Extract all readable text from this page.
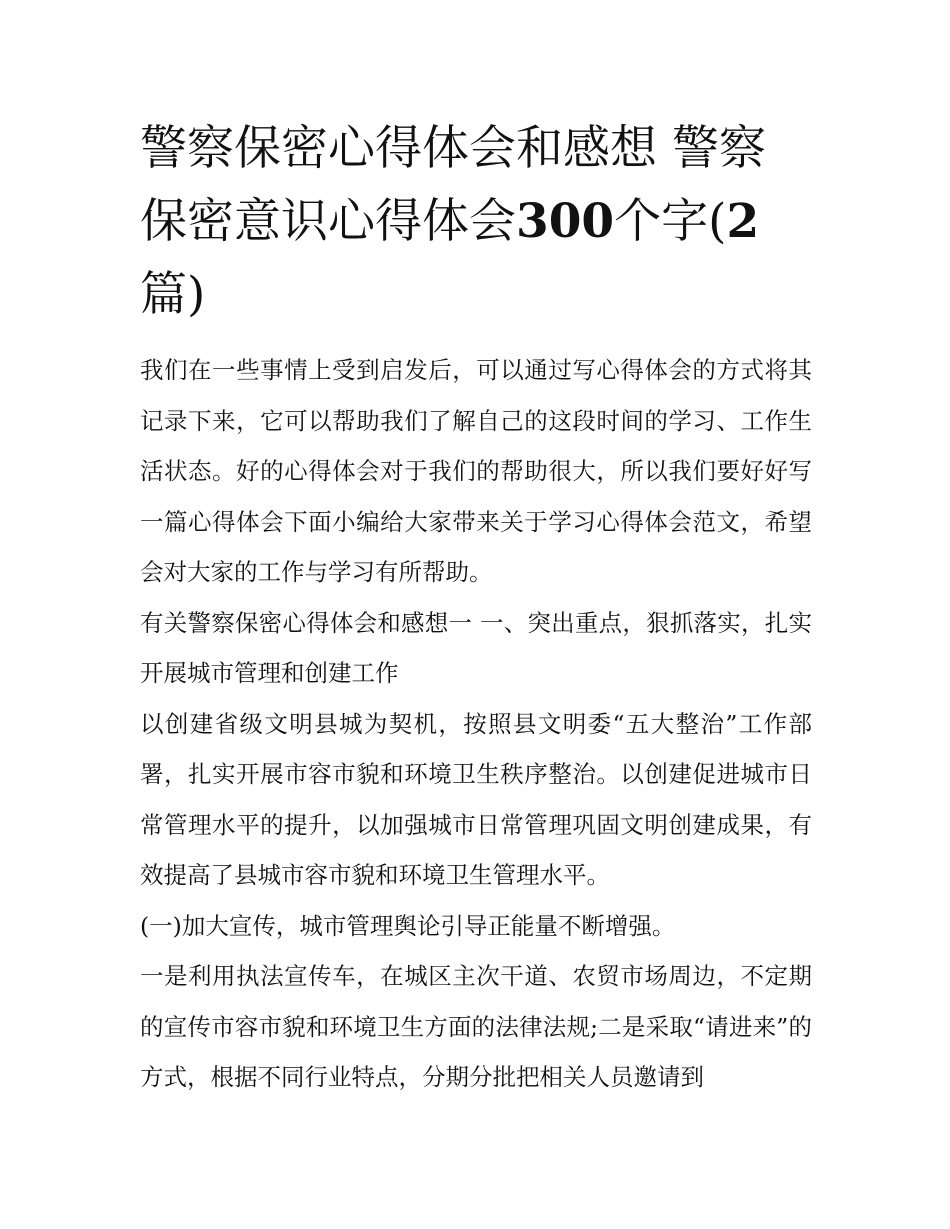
警察保密心得体会和感想 警察保密意识心得体会300个字(2篇)

我们在一些事情上受到启发后，可以通过写心得体会的方式将其记录下来，它可以帮助我们了解自己的这段时间的学习、工作生活状态。好的心得体会对于我们的帮助很大，所以我们要好好写一篇心得体会下面小编给大家带来关于学习心得体会范文，希望会对大家的工作与学习有所帮助。

有关警察保密心得体会和感想一 一、突出重点，狠抓落实，扎实开展城市管理和创建工作

以创建省级文明县城为契机，按照县文明委“五大整治”工作部署，扎实开展市容市貌和环境卫生秩序整治。以创建促进城市日常管理水平的提升，以加强城市日常管理巩固文明创建成果，有效提高了县城市容市貌和环境卫生管理水平。

(一)加大宣传，城市管理舆论引导正能量不断增强。

一是利用执法宣传车，在城区主次干道、农贸市场周边，不定期的宣传市容市貌和环境卫生方面的法律法规;二是采取“请进来”的方式，根据不同行业特点，分期分批把相关人员邀请到
